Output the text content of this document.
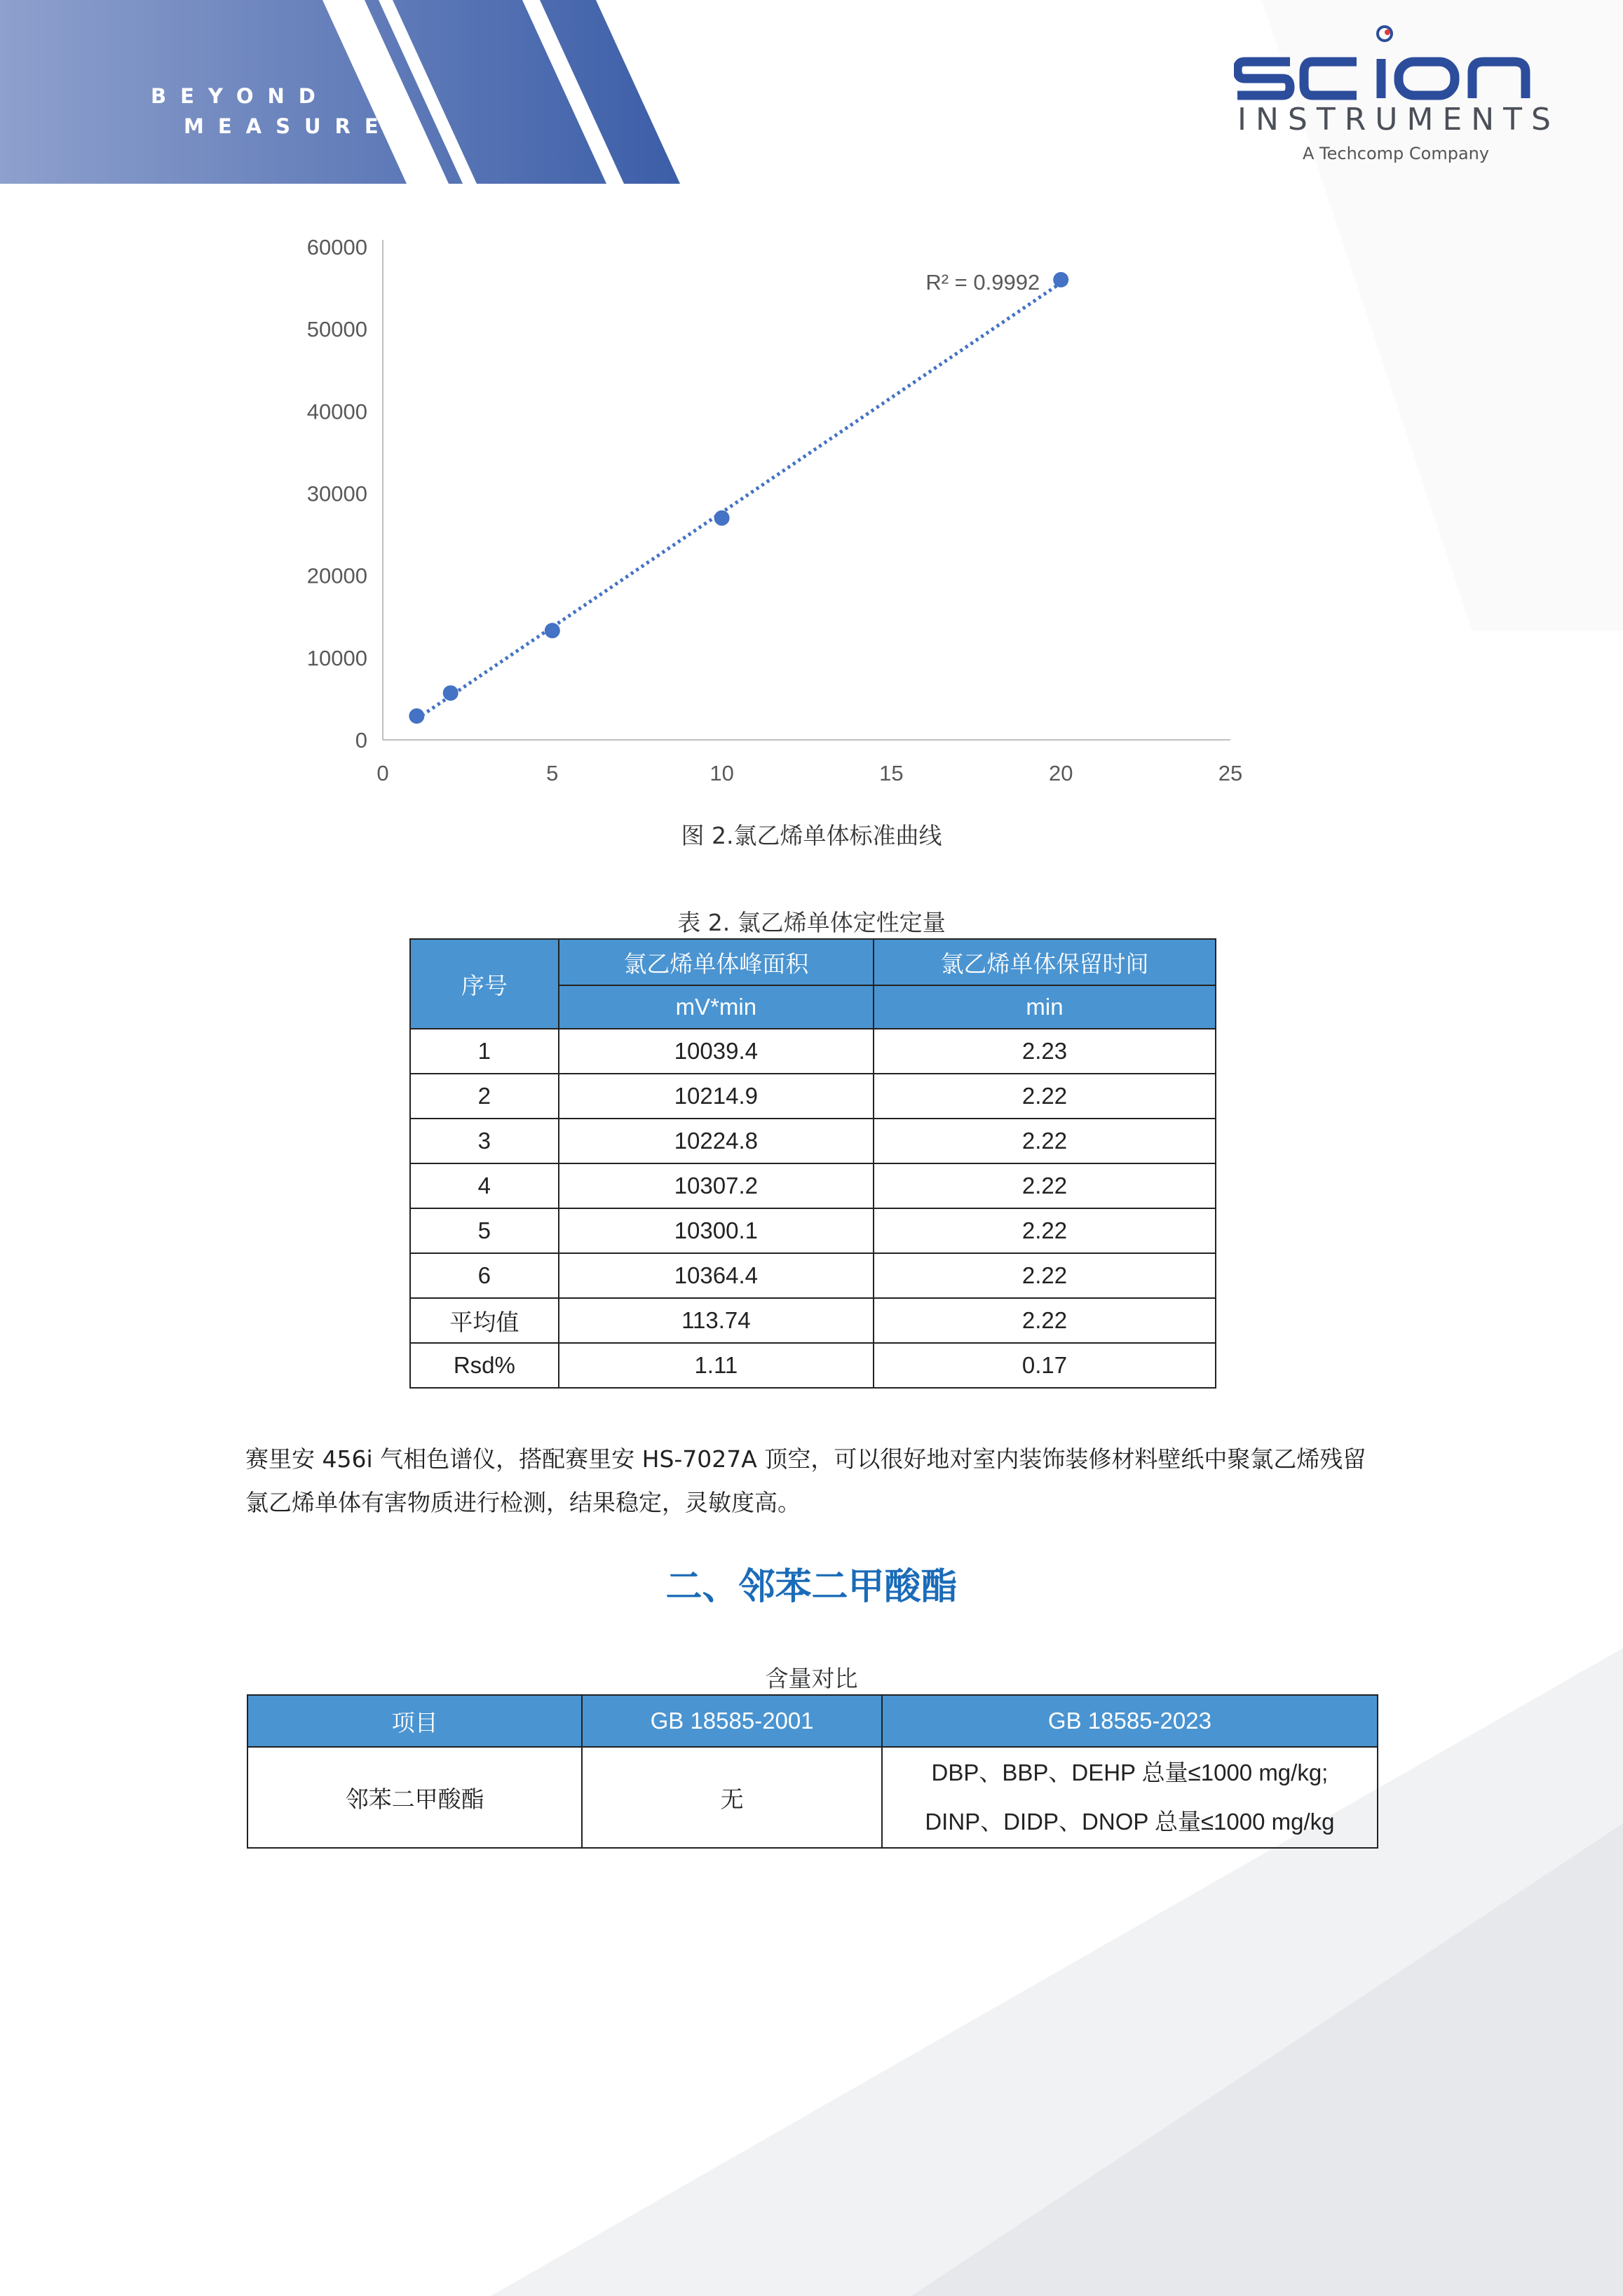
BEYOND
MEASURE	INSTRUMENTS
A Techcomp Company
0
10000
20000
30000
40000
50000
60000
0	5	10	15	20	25
R² = 0.9992
图 2.氯乙烯单体标准曲线
表 2. 氯乙烯单体定性定量
序号	氯乙烯单体峰面积	氯乙烯单体保留时间
	mV*min	min
1	10039.4	2.23
2	10214.9	2.22
3	10224.8	2.22
4	10307.2	2.22
5	10300.1	2.22
6	10364.4	2.22
平均值	113.74	2.22
Rsd%	1.11	0.17
赛里安 456i 气相色谱仪，搭配赛里安 HS-7027A 顶空，可以很好地对室内装饰装修材料壁纸中聚氯乙烯残留氯乙烯单体有害物质进行检测，结果稳定，灵敏度高。
二、邻苯二甲酸酯
含量对比
项目	GB 18585-2001	GB 18585-2023
邻苯二甲酸酯	无	DBP、BBP、DEHP 总量≤1000 mg/kg;
DINP、DIDP、DNOP 总量≤1000 mg/kg
